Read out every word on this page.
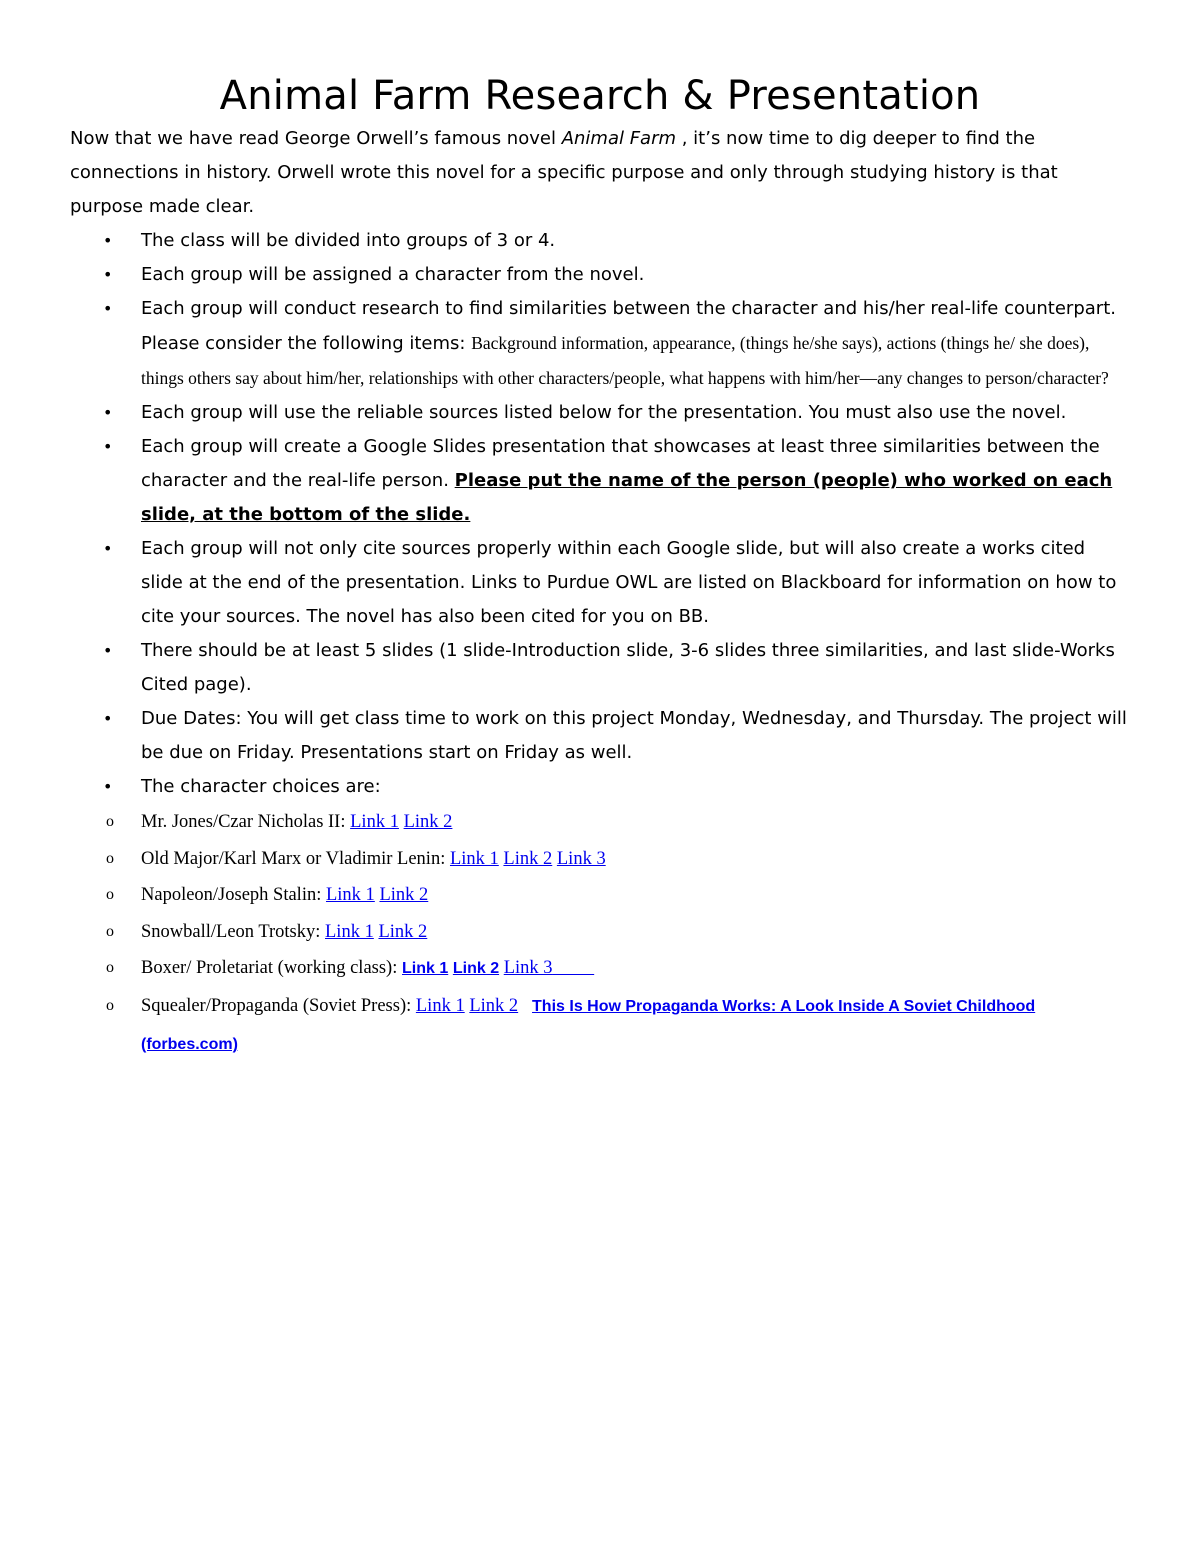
Animal Farm Research & Presentation

Now that we have read George Orwell’s famous novel Animal Farm , it’s now time to dig deeper to find the connections in history. Orwell wrote this novel for a specific purpose and only through studying history is that purpose made clear.

• The class will be divided into groups of 3 or 4.
• Each group will be assigned a character from the novel.
• Each group will conduct research to find similarities between the character and his/her real-life counterpart. Please consider the following items: Background information, appearance, (things he/she says), actions (things he/ she does), things others say about him/her, relationships with other characters/people, what happens with him/her—any changes to person/character?
• Each group will use the reliable sources listed below for the presentation. You must also use the novel.
• Each group will create a Google Slides presentation that showcases at least three similarities between the character and the real-life person. Please put the name of the person (people) who worked on each slide, at the bottom of the slide.
• Each group will not only cite sources properly within each Google slide, but will also create a works cited slide at the end of the presentation. Links to Purdue OWL are listed on Blackboard for information on how to cite your sources. The novel has also been cited for you on BB.
• There should be at least 5 slides (1 slide-Introduction slide, 3-6 slides three similarities, and last slide-Works Cited page).
• Due Dates: You will get class time to work on this project Monday, Wednesday, and Thursday. The project will be due on Friday. Presentations start on Friday as well.
• The character choices are:
o Mr. Jones/Czar Nicholas II: Link 1 Link 2
o Old Major/Karl Marx or Vladimir Lenin: Link 1 Link 2 Link 3
o Napoleon/Joseph Stalin: Link 1 Link 2
o Snowball/Leon Trotsky: Link 1 Link 2
o Boxer/ Proletariat (working class): Link 1 Link 2 Link 3
o Squealer/Propaganda (Soviet Press): Link 1 Link 2 This Is How Propaganda Works: A Look Inside A Soviet Childhood (forbes.com)
